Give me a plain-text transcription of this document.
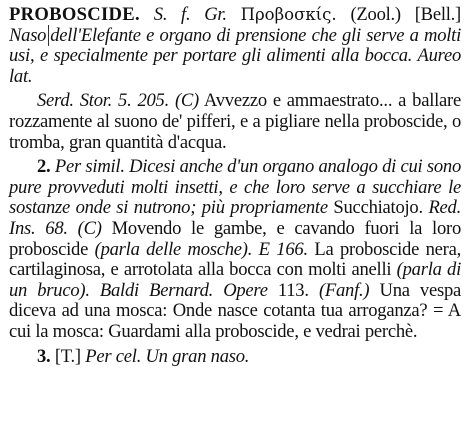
PROBOSCIDE. S. f. Gr. Προβοσκίς. (Zool.) [Bell.] Naso dell'Elefante e organo di prensione che gli serve a molti usi, e specialmente per portare gli alimenti alla bocca. Aureo lat.

Serd. Stor. 5. 205. (C) Avvezzo e ammaestrato... a ballare rozzamente al suono de' pifferi, e a pigliare nella proboscide, o tromba, gran quantità d'acqua.

2. Per simil. Dicesi anche d'un organo analogo di cui sono pure provveduti molti insetti, e che loro serve a succhiare le sostanze onde si nutrono; più propriamente Succhiatojo. Red. Ins. 68. (C) Movendo le gambe, e cavando fuori la loro proboscide (parla delle mosche). E 166. La proboscide nera, cartilaginosa, e arrotolata alla bocca con molti anelli (parla di un bruco). Baldi Bernard. Opere 113. (Fanf.) Una vespa diceva ad una mosca: Onde nasce cotanta tua arroganza? = A cui la mosca: Guardami alla proboscide, e vedrai perchè.

3. [T.] Per cel. Un gran naso.
